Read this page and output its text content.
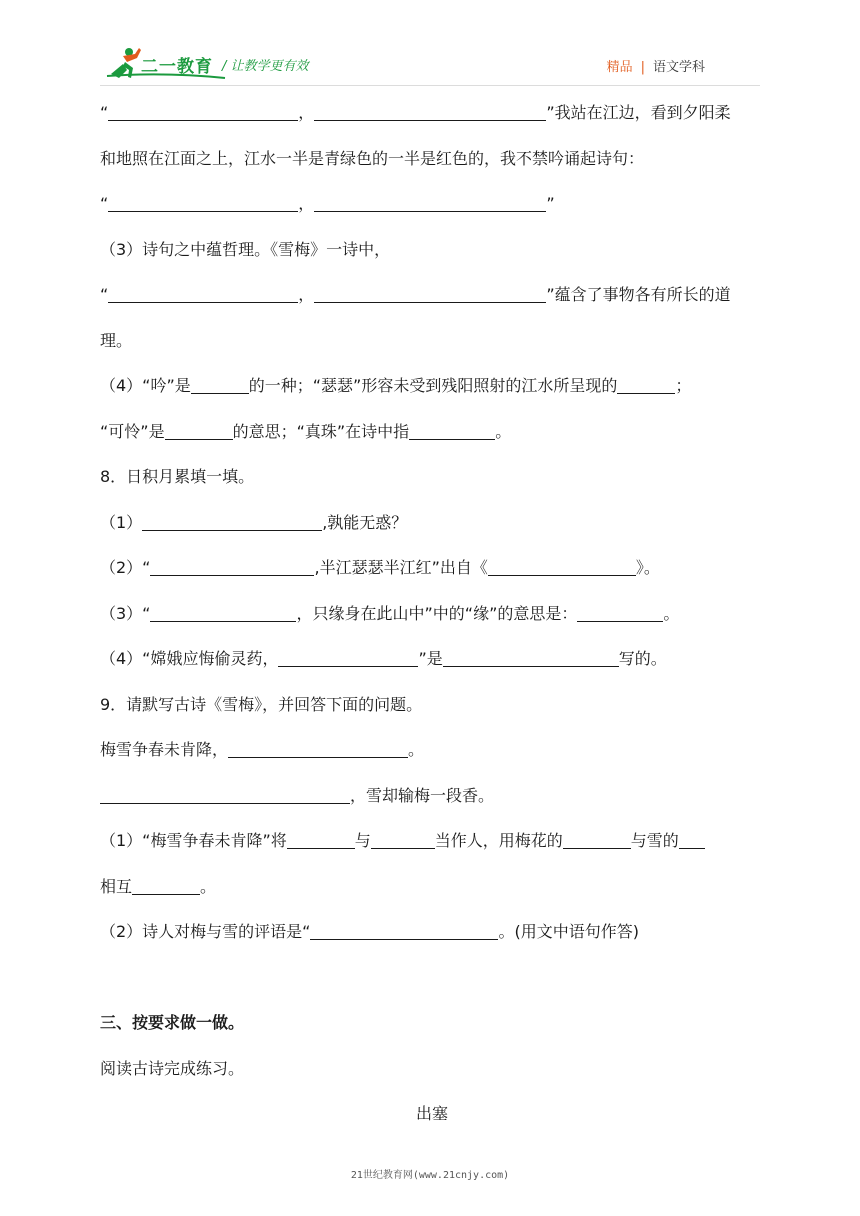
二一教育 / 让教学更有效	精品 | 语文学科
“	，	”我站在江边，看到夕阳柔
和地照在江面之上，江水一半是青绿色的一半是红色的，我不禁吟诵起诗句：
“	，	”
（3）诗句之中蕴哲理。《雪梅》一诗中，
“	，	”蕴含了事物各有所长的道
理。
（4）“吟”是	的一种；“瑟瑟”形容未受到残阳照射的江水所呈现的	；
“可怜”是	的意思；“真珠”在诗中指	。
8．日积月累填一填。
（1）	,孰能无惑？
（2）“	,半江瑟瑟半江红”出自《	》。
（3）“	，只缘身在此山中”中的“缘”的意思是：	。
（4）“嫦娥应悔偷灵药，	”是	写的。
9．请默写古诗《雪梅》，并回答下面的问题。
梅雪争春未肯降，	。
，雪却输梅一段香。
（1）“梅雪争春未肯降”将	与	当作人，用梅花的	与雪的
相互	。
（2）诗人对梅与雪的评语是“	。(用文中语句作答)
三、按要求做一做。
阅读古诗完成练习。
出塞
21世纪教育网(www.21cnjy.com)
